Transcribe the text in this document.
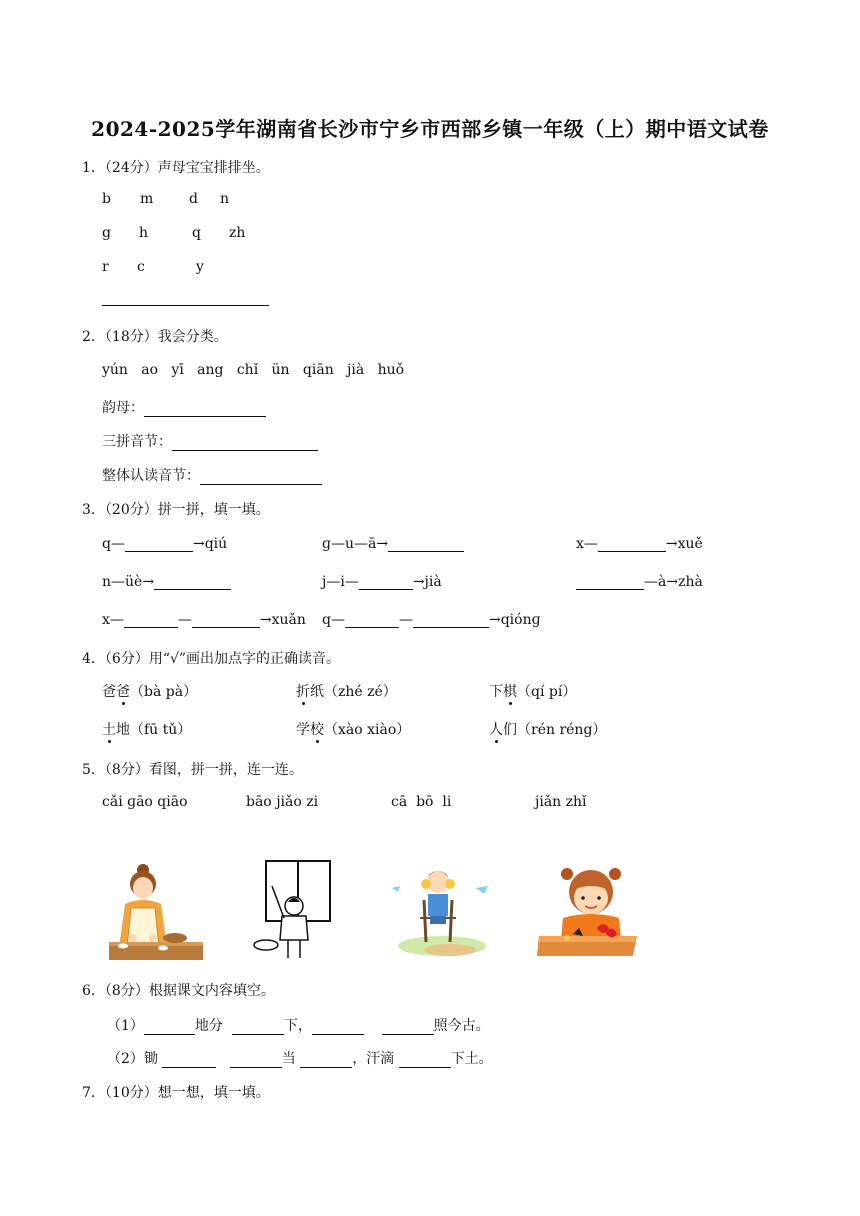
2024-2025学年湖南省长沙市宁乡市西部乡镇一年级（上）期中语文试卷
1．（24分）声母宝宝排排坐。
b m	d n
g h	q zh
r c	y
2．（18分）我会分类。
yún   ao   yī   ang   chǐ   ün   qiān   jià   huǒ
韵母：
三拼音节：
整体认读音节：
3．（20分）拼一拼，填一填。
q—	→qiú	ɡ—u—ā→	x—	→xuě
n—üè→	j—i—	→jià	—à→zhà
x—	—	→xuǎn q—	—	→qiónɡ
4．（6分）用“√”画出加点字的正确读音。
爸爸（bà pà）	折纸（zhé zé）	下棋（qí pí）
土地（fū tǔ）	学校（xào xiào）	人们（rén réng）
5．（8分）看图，拼一拼，连一连。
cǎi ɡāo qiāo	bāo jiǎo zi	cā  bō  li	jiǎn zhǐ
6．（8分）根据课文内容填空。
（1）	地分	下，	照今古。
（2）锄	当	，汗滴	下土。
7．（10分）想一想，填一填。
